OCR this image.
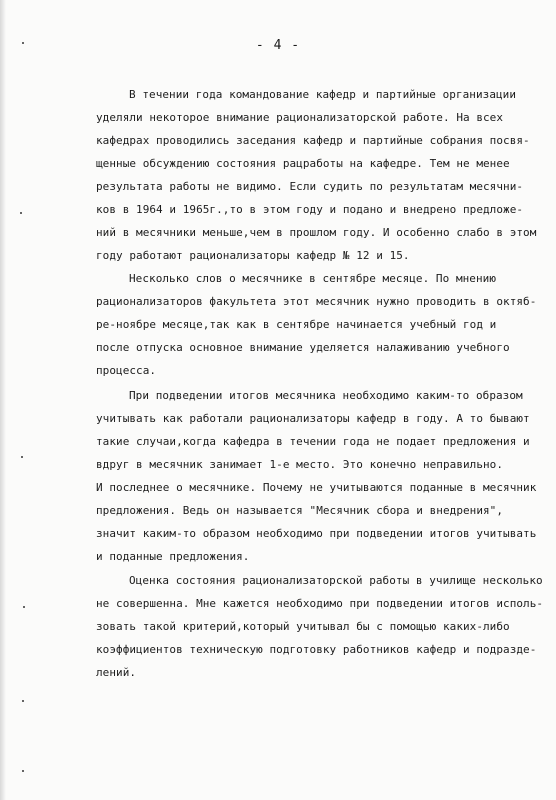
- 4 -
В течении года командование кафедр и партийные организации
уделяли некоторое внимание рационализаторской работе. На всех
кафедрах проводились заседания кафедр и партийные собрания посвя-
щенные обсуждению состояния рацработы на кафедре. Тем не менее
результата работы не видимо. Если судить по результатам месячни-
ков в 1964 и 1965г.,то в этом году и подано и внедрено предложе-
ний в месячники меньше,чем в прошлом году. И особенно слабо в этом
году работают рационализаторы кафедр № 12 и 15.
Несколько слов о месячнике в сентябре месяце. По мнению
рационализаторов факультета этот месячник нужно проводить в октяб-
ре-ноябре месяце,так как в сентябре начинается учебный год и
после отпуска основное внимание уделяется налаживанию учебного
процесса.
При подведении итогов месячника необходимо каким-то образом
учитывать как работали рационализаторы кафедр в году. А то бывают
такие случаи,когда кафедра в течении года не подает предложения и
вдруг в месячник занимает 1-е место. Это конечно неправильно.
И последнее о месячнике. Почему не учитываются поданные в месячник
предложения. Ведь он называется "Месячник сбора и внедрения",
значит каким-то образом необходимо при подведении итогов учитывать
и поданные предложения.
Оценка состояния рационализаторской работы в училище несколько
не совершенна. Мне кажется необходимо при подведении итогов исполь-
зовать такой критерий,который учитывал бы с помощью каких-либо
коэффициентов техническую подготовку работников кафедр и подразде-
лений.
